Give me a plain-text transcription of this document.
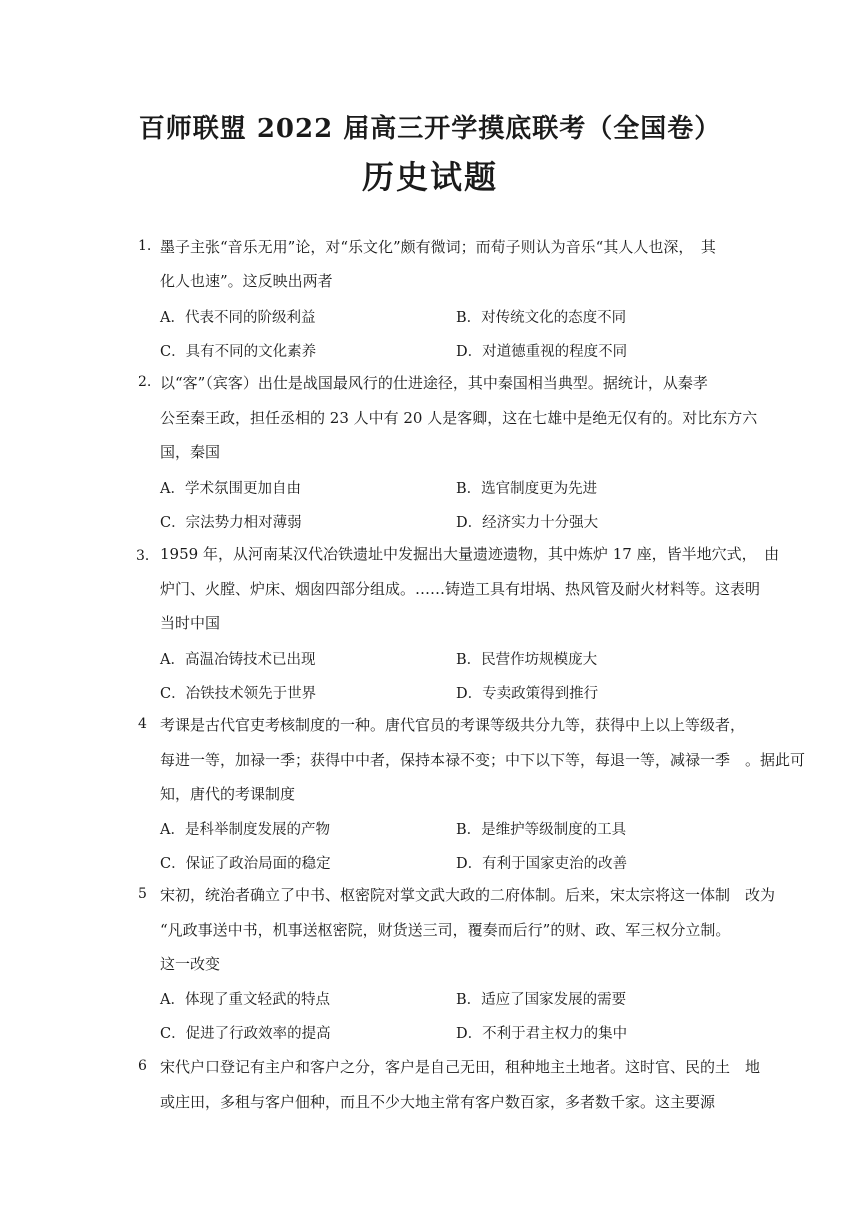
百师联盟 2022 届高三开学摸底联考（全国卷）
历史试题
1. 墨子主张“音乐无用”论，对“乐文化”颇有微词；而荀子则认为音乐“其人人也深，　其
化人也速”。这反映出两者
A．代表不同的阶级利益	B．对传统文化的态度不同
C．具有不同的文化素养	D．对道德重视的程度不同
2. 以“客”（宾客）出仕是战国最风行的仕进途径，其中秦国相当典型。据统计，从秦孝
公至秦王政，担任丞相的 23 人中有 20 人是客卿，这在七雄中是绝无仅有的。对比东方六
国，秦国
A．学术氛围更加自由	B．选官制度更为先进
C．宗法势力相对薄弱	D．经济实力十分强大
3． 1959 年，从河南某汉代冶铁遗址中发掘出大量遗迹遗物，其中炼炉 17 座，皆半地穴式，　由
炉门、火膛、炉床、烟囱四部分组成。……铸造工具有坩埚、热风管及耐火材料等。这表明
当时中国
A．高温冶铸技术已出现	B．民营作坊规模庞大
C．冶铁技术领先于世界	D．专卖政策得到推行
4 考课是古代官吏考核制度的一种。唐代官员的考课等级共分九等，获得中上以上等级者，
每进一等，加禄一季；获得中中者，保持本禄不变；中下以下等，每退一等，减禄一季　。据此可
知，唐代的考课制度
A．是科举制度发展的产物	B．是维护等级制度的工具
C．保证了政治局面的稳定	D．有利于国家吏治的改善
5 宋初，统治者确立了中书、枢密院对掌文武大政的二府体制。后来，宋太宗将这一体制　改为
“凡政事送中书，机事送枢密院，财货送三司，覆奏而后行”的财、政、军三权分立制。
这一改变
A．体现了重文轻武的特点	B．适应了国家发展的需要
C．促进了行政效率的提高	D．不利于君主权力的集中
6 宋代户口登记有主户和客户之分，客户是自己无田，租种地主土地者。这时官、民的土　地
或庄田，多租与客户佃种，而且不少大地主常有客户数百家，多者数千家。这主要源
